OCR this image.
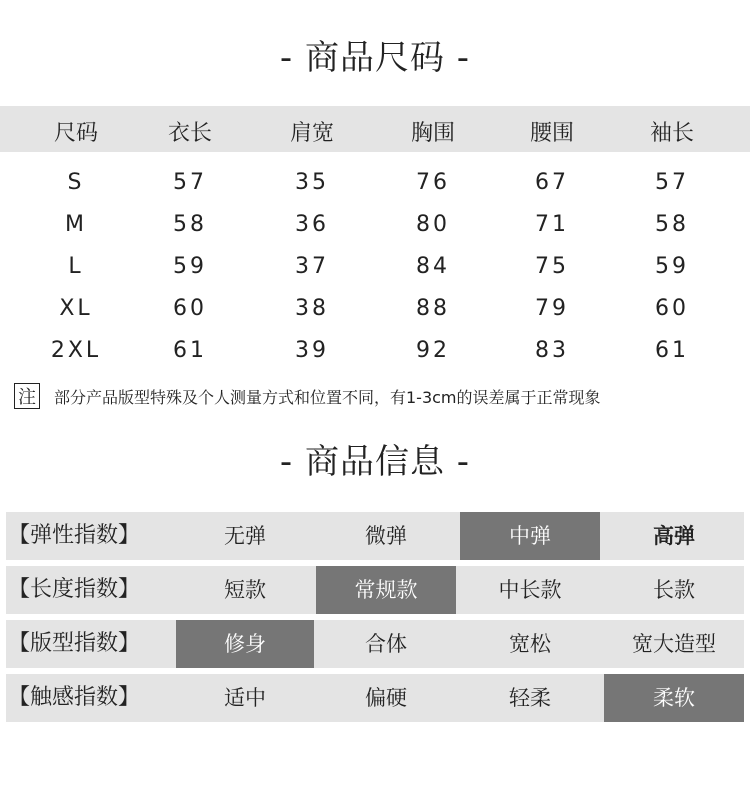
- 商品尺码 -
尺码	衣长	肩宽	胸围	腰围	袖长
S	57	35	76	67	57
M	58	36	80	71	58
L	59	37	84	75	59
XL	60	38	88	79	60
2XL	61	39	92	83	61
注 部分产品版型特殊及个人测量方式和位置不同，有1-3cm的误差属于正常现象
- 商品信息 -
【弹性指数】	无弹	微弹	中弹	高弹
【长度指数】	短款	常规款	中长款	长款
【版型指数】	修身	合体	宽松	宽大造型
【触感指数】	适中	偏硬	轻柔	柔软
